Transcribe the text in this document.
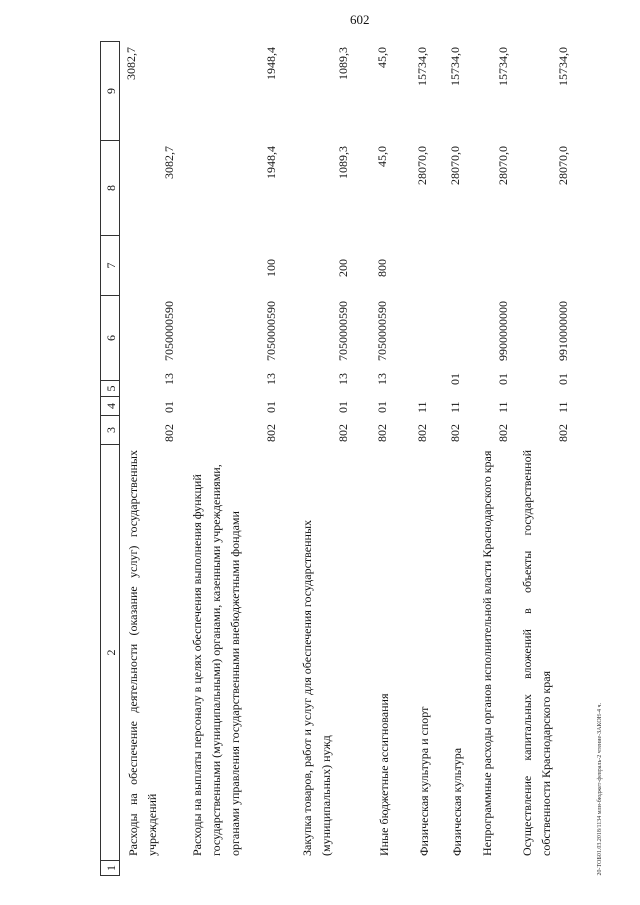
602
20-ТОБ01.03.2018/1134 млн-бюджет-февраль-2 чтение-ЗАКОН-4 ч.
1
2
3
4
5
6
7
8
9
Расходы на обеспечение деятельности (оказание услуг) государственных учреждений
802
01
13
7050000590
3082,7
3082,7
Расходы на выплаты персоналу в целях обеспечения выполнения функций государственными (муниципальными) органами, казенными учреждениями, органами управления государственными внебюджетными фондами
802
01
13
7050000590
100
1948,4
1948,4
Закупка товаров, работ и услуг для обеспечения государственных (муниципальных) нужд
802
01
13
7050000590
200
1089,3
1089,3
Иные бюджетные ассигнования
802
01
13
7050000590
800
45,0
45,0
Физическая культура и спорт
802
11
28070,0
15734,0
Физическая культура
802
11
01
28070,0
15734,0
Непрограммные расходы органов исполнительной власти Краснодарского края
802
11
01
9900000000
28070,0
15734,0
Осуществление капитальных вложений в объекты государственной собственности Краснодарского края
802
11
01
9910000000
28070,0
15734,0
